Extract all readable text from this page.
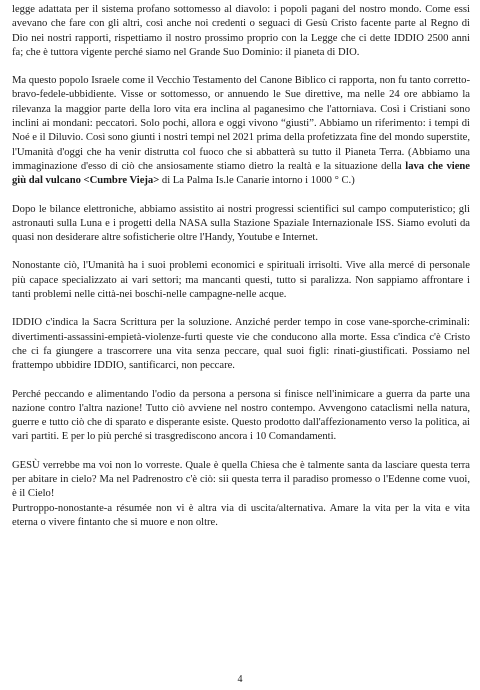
legge adattata per il sistema profano sottomesso al diavolo: i popoli pagani del nostro mondo. Come essi avevano che fare con gli altri, così anche noi credenti o seguaci di Gesù Cristo facente parte al Regno di Dio nei nostri rapporti, rispettiamo il nostro prossimo proprio con la Legge che ci dette IDDIO 2500 anni fa; che è tuttora vigente perché siamo nel Grande Suo Dominio: il pianeta di DIO.

Ma questo popolo Israele come il Vecchio Testamento del Canone Biblico ci rapporta, non fu tanto corretto-bravo-fedele-ubbidiente. Visse or sottomesso, or annuendo le Sue direttive, ma nelle 24 ore abbiamo la rilevanza la maggior parte della loro vita era inclina al paganesimo che l'attorniava. Così i Cristiani sono inclini ai mondani: peccatori. Solo pochi, allora e oggi vivono “giusti”. Abbiamo un riferimento: i tempi di Noé e il Diluvio. Così sono giunti i nostri tempi nel 2021 prima della profetizzata fine del mondo superstite, l'Umanità d'oggi che ha venir distrutta col fuoco che si abbatterà su tutto il Pianeta Terra. (Abbiamo una immaginazione d'esso di ciò che ansiosamente stiamo dietro la realtà e la situazione della lava che viene giù dal vulcano <Cumbre Vieja> di La Palma Is.le Canarie intorno i 1000 ° C.)

Dopo le bilance elettroniche, abbiamo assistito ai nostri progressi scientifici sul campo computeristico; gli astronauti sulla Luna e i progetti della NASA sulla Stazione Spaziale Internazionale ISS. Siamo evoluti da quasi non desiderare altre sofisticherie oltre l'Handy, Youtube e Internet.

Nonostante ciò, l'Umanità ha i suoi problemi economici e spirituali irrisolti. Vive alla mercé di personale più capace specializzato ai vari settori; ma mancanti questi, tutto si paralizza. Non sappiamo affrontare i tanti problemi nelle città-nei boschi-nelle campagne-nelle acque.

IDDIO c'indica la Sacra Scrittura per la soluzione. Anziché perder tempo in cose vane-sporche-criminali: divertimenti-assassini-empietà-violenze-furti queste vie che conducono alla morte. Essa c'indica c'è Cristo che ci fa giungere a trascorrere una vita senza peccare, qual suoi figli: rinati-giustificati. Possiamo nel frattempo ubbidire IDDIO, santificarci, non peccare.

Perché peccando e alimentando l'odio da persona a persona si finisce nell'inimicare a guerra da parte una nazione contro l'altra nazione! Tutto ciò avviene nel nostro contempo. Avvengono cataclismi nella natura, guerre e tutto ciò che di sparato e disperante esiste. Questo prodotto dall'affezionamento verso la politica, ai vari partiti. E per lo più perché si trasgrediscono ancora i 10 Comandamenti.

GESÙ verrebbe ma voi non lo vorreste. Quale è quella Chiesa che è talmente santa da lasciare questa terra per abitare in cielo? Ma nel Padrenostro c'è ciò: sii questa terra il paradiso promesso o l'Edenne come vuoi, è il Cielo!

Purtroppo-nonostante-a résumée non vi è altra via di uscita/alternativa. Amare la vita per la vita e vita eterna o vivere fintanto che si muore e non oltre.

4
